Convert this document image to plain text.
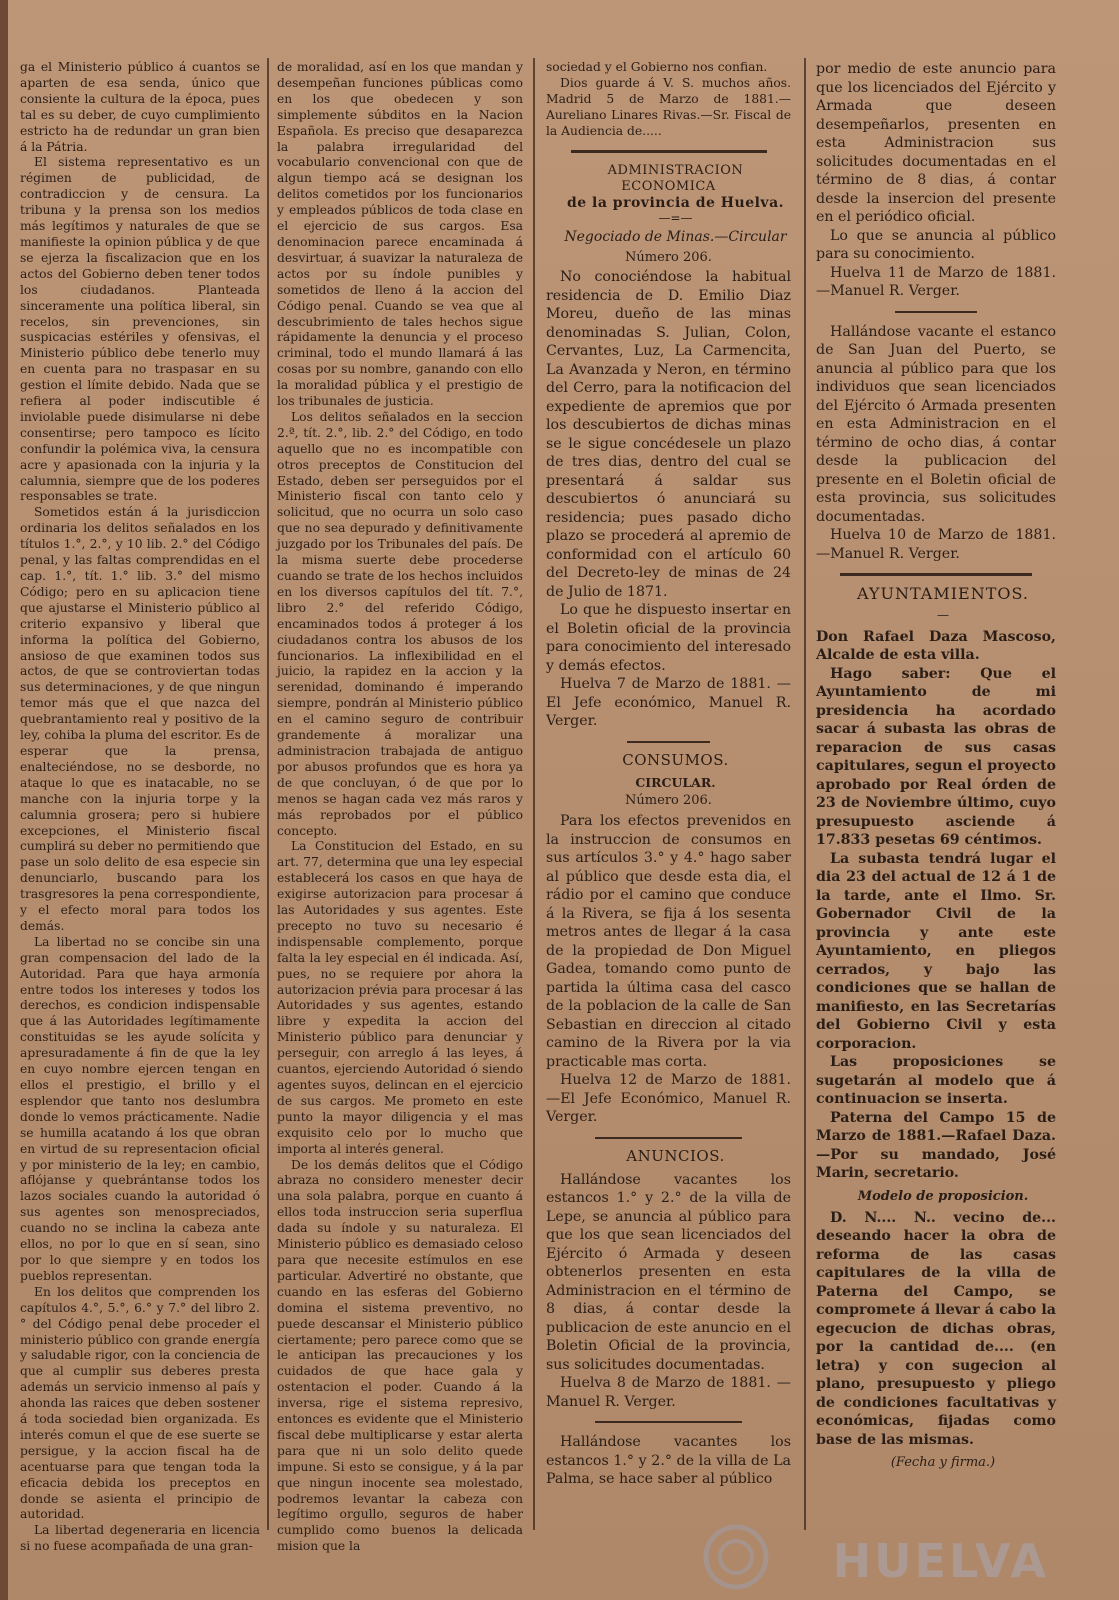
ga el Ministerio público á cuantos se aparten de esa senda, único que consiente la cultura de la época, pues tal es su deber, de cuyo cumplimiento estricto ha de redundar un gran bien á la Pátria.

El sistema representativo es un régimen de publicidad, de contradiccion y de censura. La tribuna y la prensa son los medios más legítimos y naturales de que se manifieste la opinion pública y de que se ejerza la fiscalizacion que en los actos del Gobierno deben tener todos los ciudadanos. Planteada sinceramente una política liberal, sin recelos, sin prevenciones, sin suspicacias estériles y ofensivas, el Ministerio público debe tenerlo muy en cuenta para no traspasar en su gestion el límite debido. Nada que se refiera al poder indiscutible é inviolable puede disimularse ni debe consentirse; pero tampoco es lícito confundir la polémica viva, la censura acre y apasionada con la injuria y la calumnia, siempre que de los poderes responsables se trate.

Sometidos están á la jurisdiccion ordinaria los delitos señalados en los títulos 1.°, 2.°, y 10 lib. 2.° del Código penal, y las faltas comprendidas en el cap. 1.°, tít. 1.° lib. 3.° del mismo Código; pero en su aplicacion tiene que ajustarse el Ministerio público al criterio expansivo y liberal que informa la política del Gobierno, ansioso de que examinen todos sus actos, de que se controviertan todas sus determinaciones, y de que ningun temor más que el que nazca del quebrantamiento real y positivo de la ley, cohiba la pluma del escritor. Es de esperar que la prensa, enalteciéndose, no se desborde, no ataque lo que es inatacable, no se manche con la injuria torpe y la calumnia grosera; pero si hubiere excepciones, el Ministerio fiscal cumplirá su deber no permitiendo que pase un solo delito de esa especie sin denunciarlo, buscando para los trasgresores la pena correspondiente, y el efecto moral para todos los demás.

La libertad no se concibe sin una gran compensacion del lado de la Autoridad. Para que haya armonía entre todos los intereses y todos los derechos, es condicion indispensable que á las Autoridades legítimamente constituidas se les ayude solícita y apresuradamente á fin de que la ley en cuyo nombre ejercen tengan en ellos el prestigio, el brillo y el esplendor que tanto nos deslumbra donde lo vemos prácticamente. Nadie se humilla acatando á los que obran en virtud de su representacion oficial y por ministerio de la ley; en cambio, aflójanse y quebrántanse todos los lazos sociales cuando la autoridad ó sus agentes son menospreciados, cuando no se inclina la cabeza ante ellos, no por lo que en sí sean, sino por lo que siempre y en todos los pueblos representan.

En los delitos que comprenden los capítulos 4.°, 5.°, 6.° y 7.° del libro 2.° del Código penal debe proceder el ministerio público con grande energía y saludable rigor, con la conciencia de que al cumplir sus deberes presta además un servicio inmenso al país y ahonda las raices que deben sostener á toda sociedad bien organizada. Es interés comun el que de ese suerte se persigue, y la accion fiscal ha de acentuarse para que tengan toda la eficacia debida los preceptos en donde se asienta el principio de autoridad.

La libertad degeneraria en licencia si no fuese acompañada de una gran-

de moralidad, así en los que mandan y desempeñan funciones públicas como en los que obedecen y son simplemente súbditos en la Nacion Española. Es preciso que desaparezca la palabra irregularidad del vocabulario convencional con que de algun tiempo acá se designan los delitos cometidos por los funcionarios y empleados públicos de toda clase en el ejercicio de sus cargos. Esa denominacion parece encaminada á desvirtuar, á suavizar la naturaleza de actos por su índole punibles y sometidos de lleno á la accion del Código penal. Cuando se vea que al descubrimiento de tales hechos sigue rápidamente la denuncia y el proceso criminal, todo el mundo llamará á las cosas por su nombre, ganando con ello la moralidad pública y el prestigio de los tribunales de justicia.

Los delitos señalados en la seccion 2.ª, tít. 2.°, lib. 2.° del Código, en todo aquello que no es incompatible con otros preceptos de Constitucion del Estado, deben ser perseguidos por el Ministerio fiscal con tanto celo y solicitud, que no ocurra un solo caso que no sea depurado y definitivamente juzgado por los Tribunales del país. De la misma suerte debe procederse cuando se trate de los hechos incluidos en los diversos capítulos del tít. 7.°, libro 2.° del referido Código, encaminados todos á proteger á los ciudadanos contra los abusos de los funcionarios. La inflexibilidad en el juicio, la rapidez en la accion y la serenidad, dominando é imperando siempre, pondrán al Ministerio público en el camino seguro de contribuir grandemente á moralizar una administracion trabajada de antiguo por abusos profundos que es hora ya de que concluyan, ó de que por lo menos se hagan cada vez más raros y más reprobados por el público concepto.

La Constitucion del Estado, en su art. 77, determina que una ley especial establecerá los casos en que haya de exigirse autorizacion para procesar á las Autoridades y sus agentes. Este precepto no tuvo su necesario é indispensable complemento, porque falta la ley especial en él indicada. Así, pues, no se requiere por ahora la autorizacion prévia para procesar á las Autoridades y sus agentes, estando libre y expedita la accion del Ministerio público para denunciar y perseguir, con arreglo á las leyes, á cuantos, ejerciendo Autoridad ó siendo agentes suyos, delincan en el ejercicio de sus cargos. Me prometo en este punto la mayor diligencia y el mas exquisito celo por lo mucho que importa al interés general.

De los demás delitos que el Código abraza no considero menester decir una sola palabra, porque en cuanto á ellos toda instruccion seria superflua dada su índole y su naturaleza. El Ministerio público es demasiado celoso para que necesite estímulos en ese particular. Advertiré no obstante, que cuando en las esferas del Gobierno domina el sistema preventivo, no puede descansar el Ministerio público ciertamente; pero parece como que se le anticipan las precauciones y los cuidados de que hace gala y ostentacion el poder. Cuando á la inversa, rige el sistema represivo, entonces es evidente que el Ministerio fiscal debe multiplicarse y estar alerta para que ni un solo delito quede impune. Si esto se consigue, y á la par que ningun inocente sea molestado, podremos levantar la cabeza con legítimo orgullo, seguros de haber cumplido como buenos la delicada mision que la

sociedad y el Gobierno nos confian.

Dios guarde á V. S. muchos años. Madrid 5 de Marzo de 1881.—Aureliano Linares Rivas.—Sr. Fiscal de la Audiencia de.....

ADMINISTRACION ECONOMICA

de la provincia de Huelva.

—=—

Negociado de Minas.—Circular

Número 206.

No conociéndose la habitual residencia de D. Emilio Diaz Moreu, dueño de las minas denominadas S. Julian, Colon, Cervantes, Luz, La Carmencita, La Avanzada y Neron, en término del Cerro, para la notificacion del expediente de apremios que por los descubiertos de dichas minas se le sigue concédesele un plazo de tres dias, dentro del cual se presentará á saldar sus descubiertos ó anunciará su residencia; pues pasado dicho plazo se procederá al apremio de conformidad con el artículo 60 del Decreto-ley de minas de 24 de Julio de 1871.

Lo que he dispuesto insertar en el Boletin oficial de la provincia para conocimiento del interesado y demás efectos.

Huelva 7 de Marzo de 1881. —El Jefe económico, Manuel R. Verger.

CONSUMOS.

CIRCULAR.

Número 206.

Para los efectos prevenidos en la instruccion de consumos en sus artículos 3.° y 4.° hago saber al público que desde esta dia, el rádio por el camino que conduce á la Rivera, se fija á los sesenta metros antes de llegar á la casa de la propiedad de Don Miguel Gadea, tomando como punto de partida la última casa del casco de la poblacion de la calle de San Sebastian en direccion al citado camino de la Rivera por la via practicable mas corta.

Huelva 12 de Marzo de 1881. —El Jefe Económico, Manuel R. Verger.

ANUNCIOS.

Hallándose vacantes los estancos 1.° y 2.° de la villa de Lepe, se anuncia al público para que los que sean licenciados del Ejército ó Armada y deseen obtenerlos presenten en esta Administracion en el término de 8 dias, á contar desde la publicacion de este anuncio en el Boletin Oficial de la provincia, sus solicitudes documentadas.

Huelva 8 de Marzo de 1881. —Manuel R. Verger.

Hallándose vacantes los estancos 1.° y 2.° de la villa de La Palma, se hace saber al público

por medio de este anuncio para que los licenciados del Ejército y Armada que deseen desempeñarlos, presenten en esta Administracion sus solicitudes documentadas en el término de 8 dias, á contar desde la insercion del presente en el periódico oficial.

Lo que se anuncia al público para su conocimiento.

Huelva 11 de Marzo de 1881. —Manuel R. Verger.

Hallándose vacante el estanco de San Juan del Puerto, se anuncia al público para que los individuos que sean licenciados del Ejército ó Armada presenten en esta Administracion en el término de ocho dias, á contar desde la publicacion del presente en el Boletin oficial de esta provincia, sus solicitudes documentadas.

Huelva 10 de Marzo de 1881. —Manuel R. Verger.

AYUNTAMIENTOS.

—

Don Rafael Daza Mascoso, Alcalde de esta villa.

Hago saber: Que el Ayuntamiento de mi presidencia ha acordado sacar á subasta las obras de reparacion de sus casas capitulares, segun el proyecto aprobado por Real órden de 23 de Noviembre último, cuyo presupuesto asciende á 17.833 pesetas 69 céntimos.

La subasta tendrá lugar el dia 23 del actual de 12 á 1 de la tarde, ante el Ilmo. Sr. Gobernador Civil de la provincia y ante este Ayuntamiento, en pliegos cerrados, y bajo las condiciones que se hallan de manifiesto, en las Secretarías del Gobierno Civil y esta corporacion.

Las proposiciones se sugetarán al modelo que á continuacion se inserta.

Paterna del Campo 15 de Marzo de 1881.—Rafael Daza.—Por su mandado, José Marin, secretario.

Modelo de proposicion.

D. N.... N.. vecino de... deseando hacer la obra de reforma de las casas capitulares de la villa de Paterna del Campo, se compromete á llevar á cabo la egecucion de dichas obras, por la cantidad de.... (en letra) y con sugecion al plano, presupuesto y pliego de condiciones facultativas y económicas, fijadas como base de las mismas.

(Fecha y firma.)

HUELVA
